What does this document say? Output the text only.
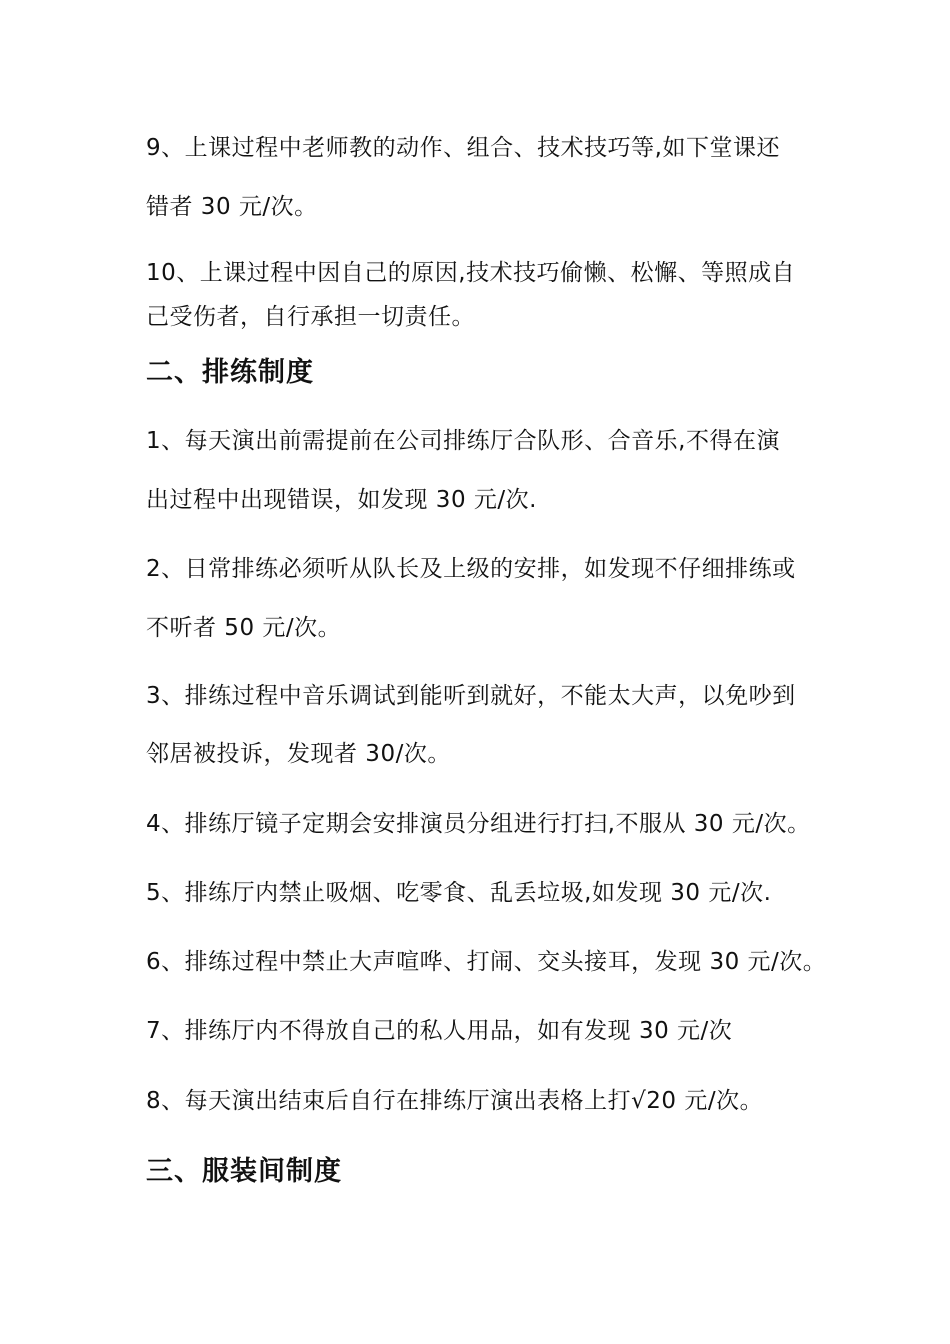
9、上课过程中老师教的动作、组合、技术技巧等,如下堂课还

错者 30 元/次。

10、上课过程中因自己的原因,技术技巧偷懒、松懈、等照成自

己受伤者，自行承担一切责任。

二、排练制度

1、每天演出前需提前在公司排练厅合队形、合音乐,不得在演

出过程中出现错误，如发现 30 元/次.

2、日常排练必须听从队长及上级的安排，如发现不仔细排练或

不听者 50 元/次。

3、排练过程中音乐调试到能听到就好，不能太大声，以免吵到

邻居被投诉，发现者 30/次。

4、排练厅镜子定期会安排演员分组进行打扫,不服从 30 元/次。

5、排练厅内禁止吸烟、吃零食、乱丢垃圾,如发现 30 元/次.

6、排练过程中禁止大声喧哗、打闹、交头接耳，发现 30 元/次。

7、排练厅内不得放自己的私人用品，如有发现 30 元/次

8、每天演出结束后自行在排练厅演出表格上打√20 元/次。

三、服装间制度
